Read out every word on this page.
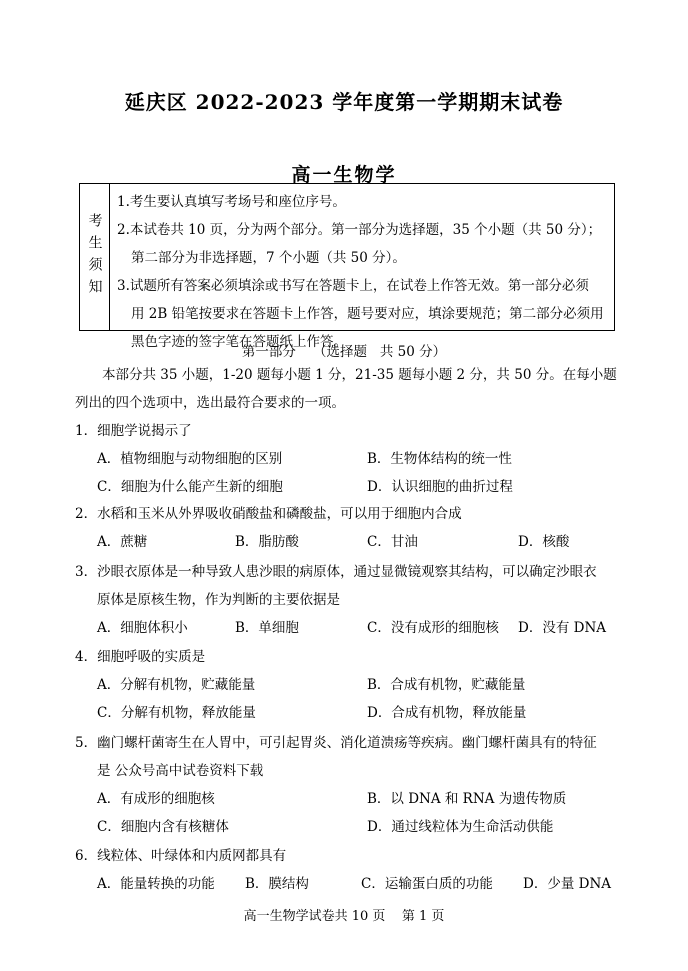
延庆区 2022-2023 学年度第一学期期末试卷
高一生物学
考生须知
1.考生要认真填写考场号和座位序号。
2.本试卷共 10 页，分为两个部分。第一部分为选择题，35 个小题（共 50 分）；
第二部分为非选择题，7 个小题（共 50 分）。
3.试题所有答案必须填涂或书写在答题卡上，在试卷上作答无效。第一部分必须
用 2B 铅笔按要求在答题卡上作答，题号要对应，填涂要规范；第二部分必须用
黑色字迹的签字笔在答题纸上作答。
第一部分    （选择题   共 50 分）
本部分共 35 小题，1-20 题每小题 1 分，21-35 题每小题 2 分，共 50 分。在每小题
列出的四个选项中，选出最符合要求的一项。
1．细胞学说揭示了
A．植物细胞与动物细胞的区别	B．生物体结构的统一性
C．细胞为什么能产生新的细胞	D．认识细胞的曲折过程
2．水稻和玉米从外界吸收硝酸盐和磷酸盐，可以用于细胞内合成
A．蔗糖	B．脂肪酸	C．甘油	D．核酸
3．沙眼衣原体是一种导致人患沙眼的病原体，通过显微镜观察其结构，可以确定沙眼衣
原体是原核生物，作为判断的主要依据是
A．细胞体积小	B．单细胞	C．没有成形的细胞核 D．没有 DNA
4．细胞呼吸的实质是
A．分解有机物，贮藏能量	B．合成有机物，贮藏能量
C．分解有机物，释放能量	D．合成有机物，释放能量
5．幽门螺杆菌寄生在人胃中，可引起胃炎、消化道溃疡等疾病。幽门螺杆菌具有的特征
是 公众号高中试卷资料下载
A．有成形的细胞核	B．以 DNA 和 RNA 为遗传物质
C．细胞内含有核糖体	D．通过线粒体为生命活动供能
6．线粒体、叶绿体和内质网都具有
A．能量转换的功能 B．膜结构	C．运输蛋白质的功能 D．少量 DNA
高一生物学试卷共 10 页    第 1 页
